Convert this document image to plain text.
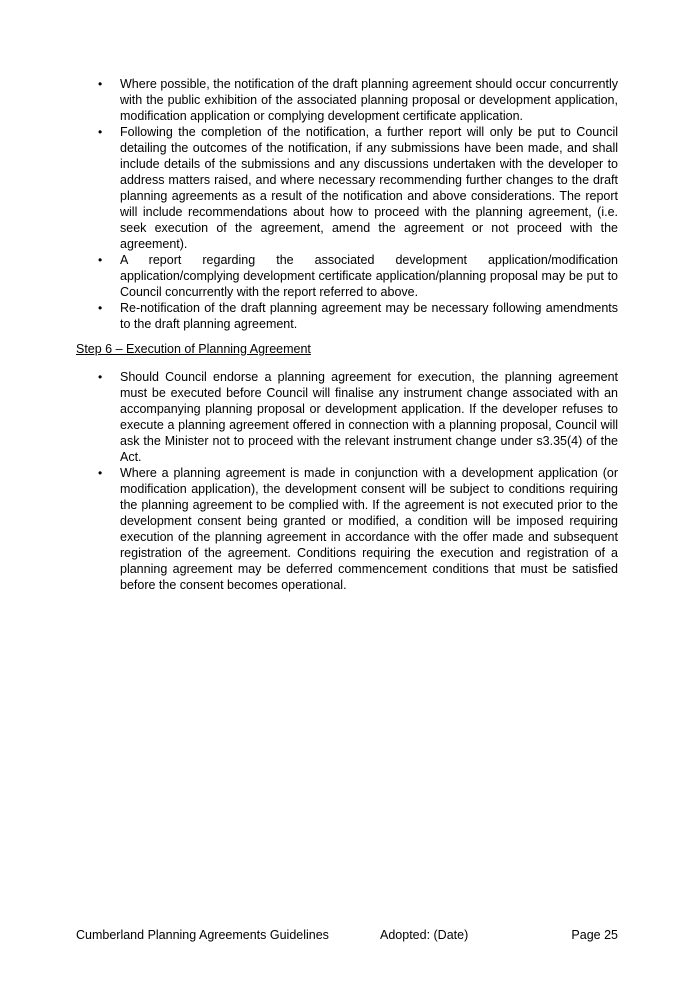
• Where possible, the notification of the draft planning agreement should occur concurrently with the public exhibition of the associated planning proposal or development application, modification application or complying development certificate application.
• Following the completion of the notification, a further report will only be put to Council detailing the outcomes of the notification, if any submissions have been made, and shall include details of the submissions and any discussions undertaken with the developer to address matters raised, and where necessary recommending further changes to the draft planning agreements as a result of the notification and above considerations. The report will include recommendations about how to proceed with the planning agreement, (i.e. seek execution of the agreement, amend the agreement or not proceed with the agreement).
• A report regarding the associated development application/modification application/complying development certificate application/planning proposal may be put to Council concurrently with the report referred to above.
• Re-notification of the draft planning agreement may be necessary following amendments to the draft planning agreement.
Step 6 – Execution of Planning Agreement
• Should Council endorse a planning agreement for execution, the planning agreement must be executed before Council will finalise any instrument change associated with an accompanying planning proposal or development application. If the developer refuses to execute a planning agreement offered in connection with a planning proposal, Council will ask the Minister not to proceed with the relevant instrument change under s3.35(4) of the Act.
• Where a planning agreement is made in conjunction with a development application (or modification application), the development consent will be subject to conditions requiring the planning agreement to be complied with. If the agreement is not executed prior to the development consent being granted or modified, a condition will be imposed requiring execution of the planning agreement in accordance with the offer made and subsequent registration of the agreement. Conditions requiring the execution and registration of a planning agreement may be deferred commencement conditions that must be satisfied before the consent becomes operational.
Cumberland Planning Agreements Guidelines	Adopted: (Date)	Page 25
